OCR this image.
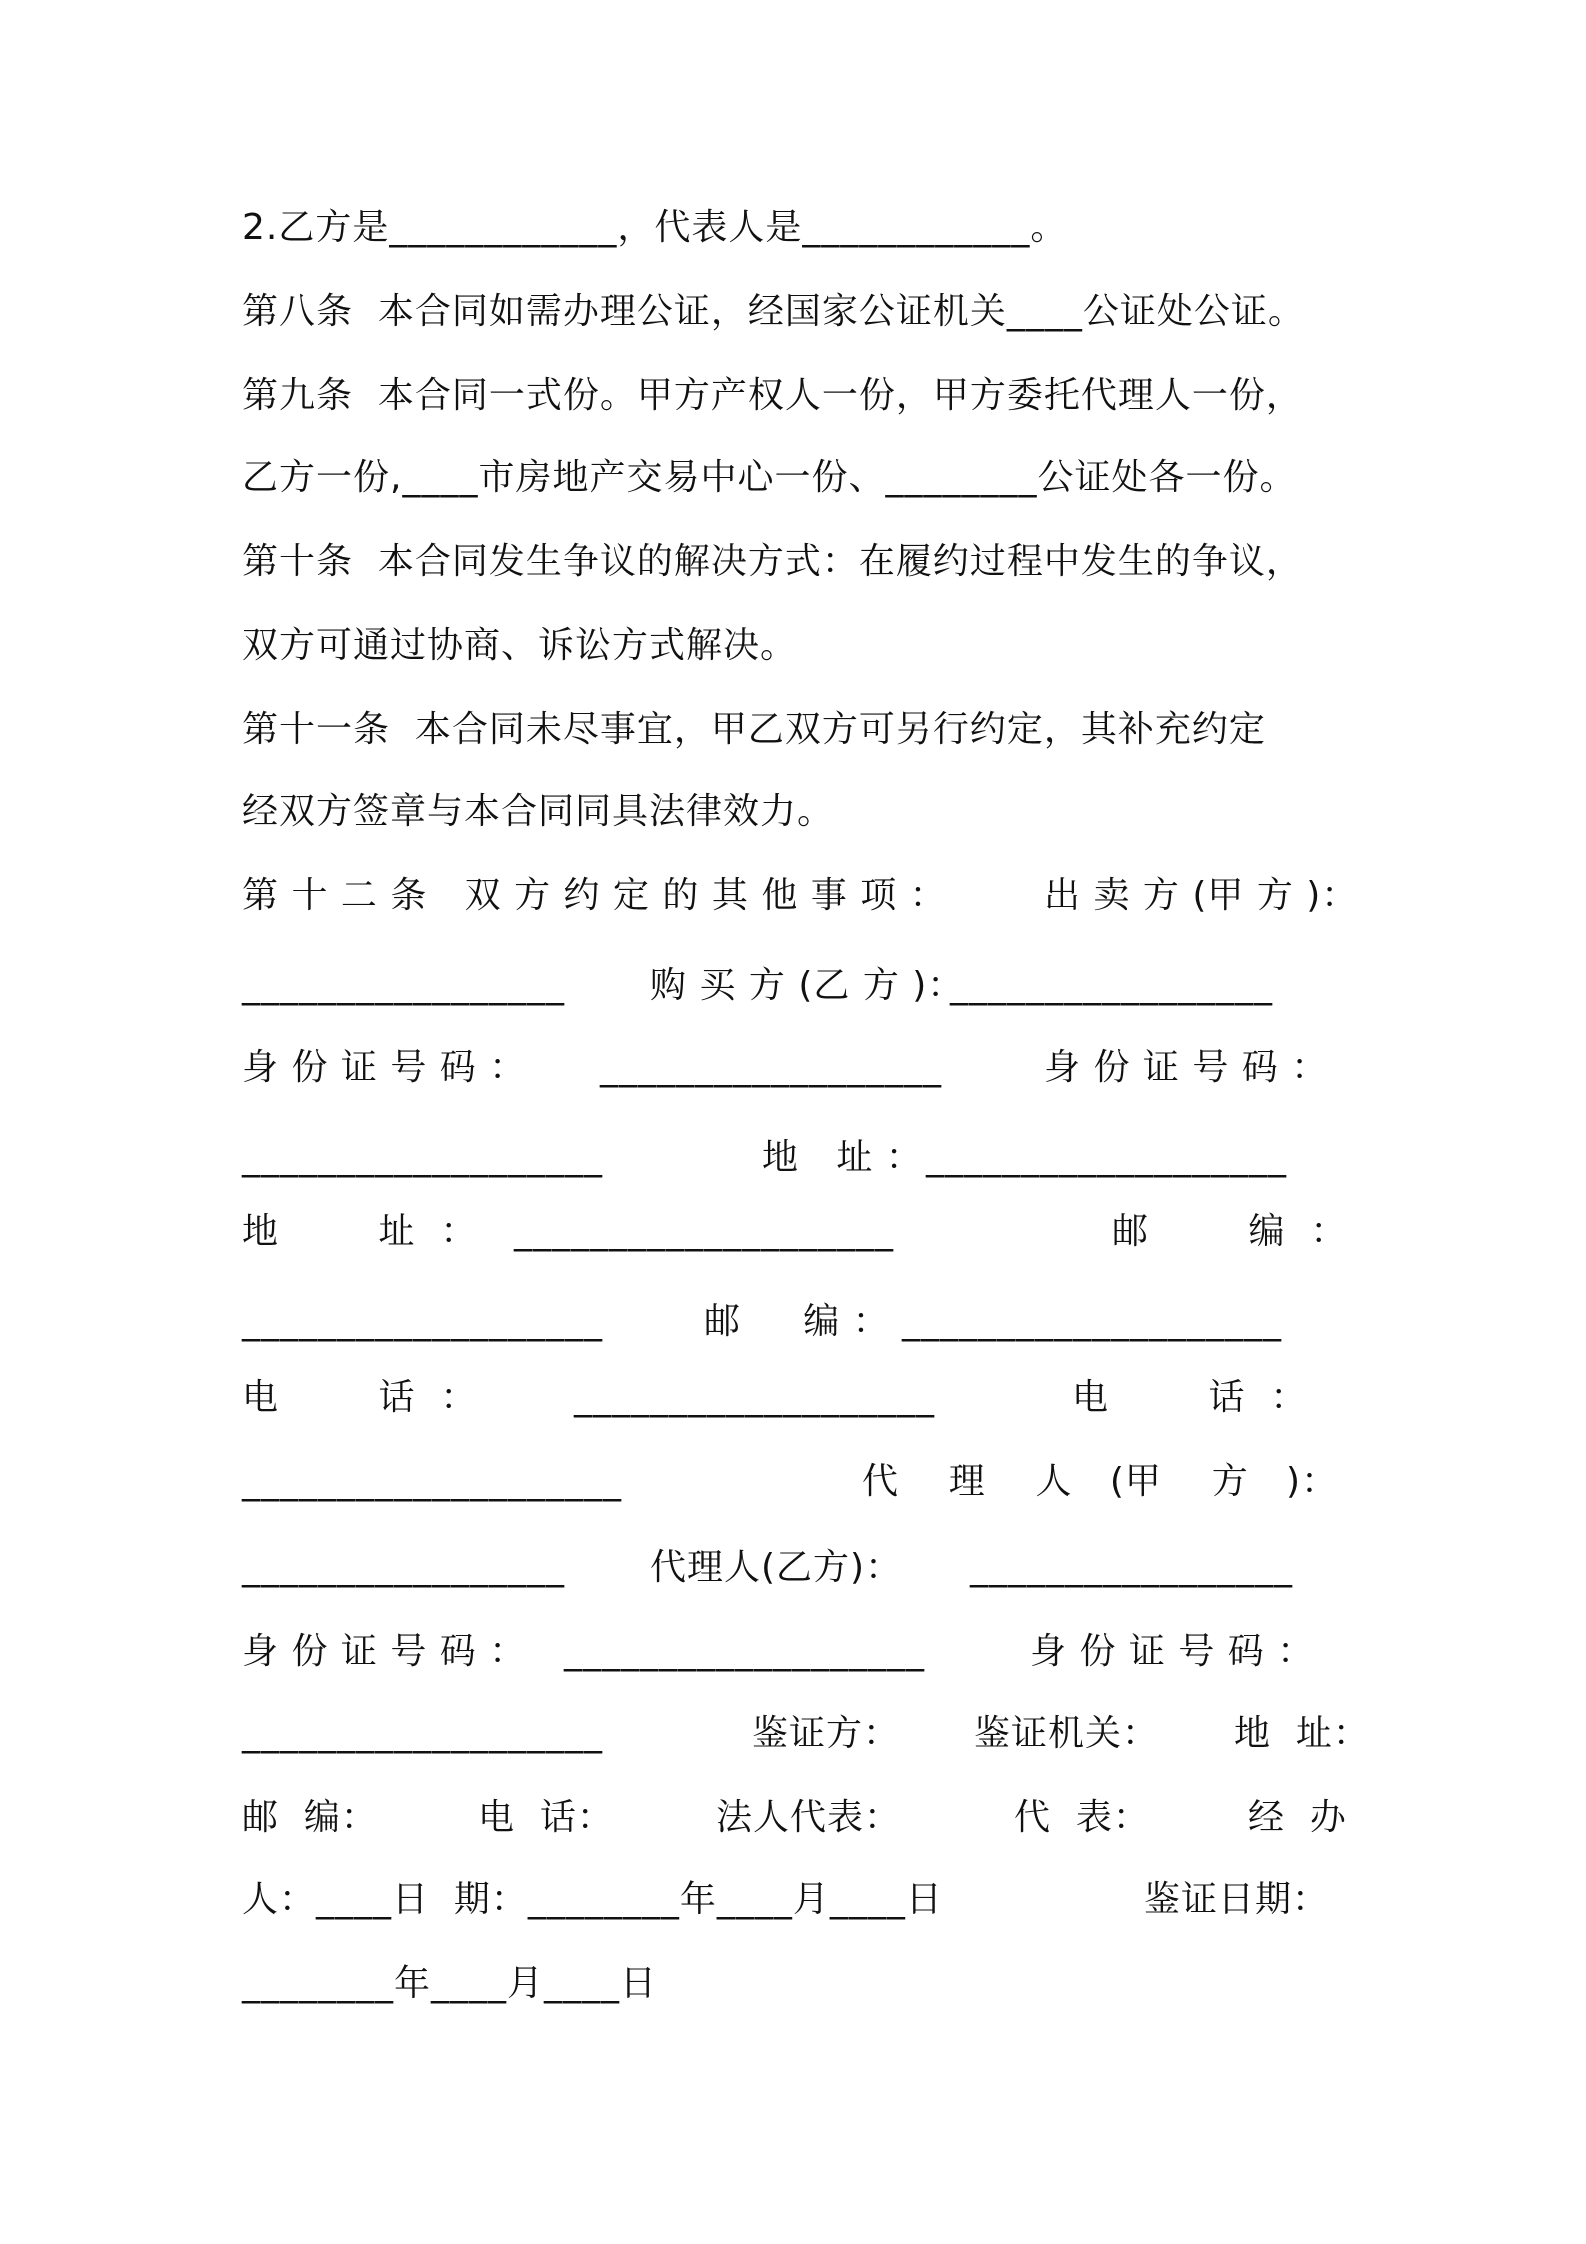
2.乙方是____________，代表人是____________。
第八条  本合同如需办理公证，经国家公证机关____公证处公证。
第九条  本合同一式份。甲方产权人一份，甲方委托代理人一份，
乙方一份,____市房地产交易中心一份、________公证处各一份。
第十条  本合同发生争议的解决方式：在履约过程中发生的争议，
双方可通过协商、诉讼方式解决。
第十一条  本合同未尽事宜，甲乙双方可另行约定，其补充约定
经双方签章与本合同同具法律效力。
第 十 二 条   双 方 约 定 的 其 他 事 项 ：	出 卖 方 (甲 方 )：
_________________ 购 买 方 (乙 方 )：
_________________
身 份 证 号 码 ： __________________	身 份 证 号 码 ：
___________________	地   址 ： ___________________
地        址  ： ____________________	邮        编  ：
___________________	邮     编 ： ____________________
电        话  ：	___________________	电        话  ：
____________________	代    理    人   (甲    方   )：
_________________ 代理人(乙方)： _________________
身 份 证 号 码 ： ___________________	身 份 证 号 码 ：
___________________	鉴证方： 鉴证机关： 地  址：
邮  编：	电  话：	法人代表：	代  表：	经  办
人：____日  期：________年____月____日	鉴证日期：
________年____月____日
